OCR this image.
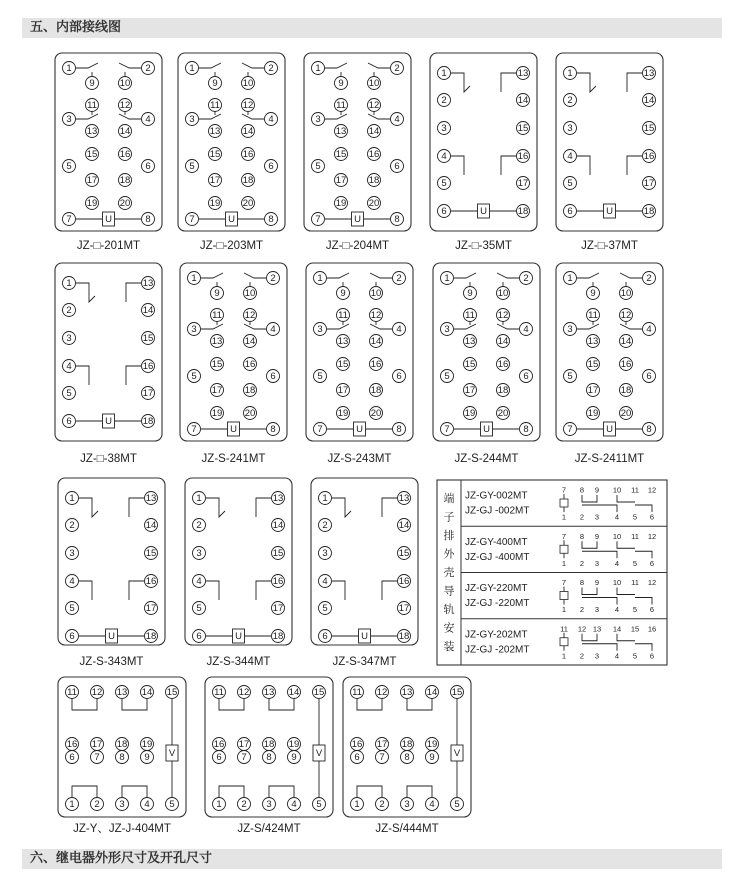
五、内部接线图
六、继电器外形尺寸及开孔尺寸
U
1	2
9	10
11 12
3	4
13 14
15 16
5	6
17 18
19 20
7	8
JZ-□-201MT
U
1	2
9	10
11 12
3	4
13 14
15 16
5	6
17 18
19 20
7	8
JZ-□-203MT
U
1	2
9	10
11 12
3	4
13 14
15 16
5	6
17 18
19 20
7	8
JZ-□-204MT
1	13
2	14
3	15
4	16
5	17
6	18
U
JZ-□-35MT
1	13
2	14
3	15
4	16
5	17
6	18
U
JZ-□-37MT
1	13
2	14
3	15
4	16
5	17
6	18
U
JZ-□-38MT
U
1	2
9	10
11 12
3	4
13 14
15 16
5	6
17 18
19 20
7	8
JZ-S-241MT
U
1	2
9	10
11 12
3	4
13 14
15 16
5	6
17 18
19 20
7	8
JZ-S-243MT
U
1	2
9	10
11 12
3	4
13 14
15 16
5	6
17 18
19 20
7	8
JZ-S-244MT
U
1	2
9	10
11 12
3	4
13 14
15 16
5	6
17 18
19 20
7	8
JZ-S-2411MT
1	13
2	14
3	15
4	16
5	17
6	18
U
JZ-S-343MT
1	13
2	14
3	15
4	16
5	17
6	18
U
JZ-S-344MT
1	13
2	14
3	15
4	16
5	17
6	18
U
JZ-S-347MT
11 12 13 14 15
16 17 18 19
6 7 8 9
1 2 3 4 5
V
JZ-Y、JZ-J-404MT
11 12 13 14 15
16 17 18 19
6 7 8 9
1 2 3 4 5
V
JZ-S/424MT
11 12 13 14 15
16 17 18 19
6 7 8 9
1 2 3 4 5
V
JZ-S/444MT
端
子
排
外
壳
导
轨
安
装
JZ-GY-002MT
JZ-GJ -002MT
7 8 9 10 11 12
1 2 3 4 5 6
JZ-GY-400MT
JZ-GJ -400MT
7 8 9 10 11 12
1 2 3 4 5 6
JZ-GY-220MT
JZ-GJ -220MT
7 8 9 10 11 12
1 2 3 4 5 6
JZ-GY-202MT
JZ-GJ -202MT
11 12 13 14 15 16
1 2 3 4 5 6
